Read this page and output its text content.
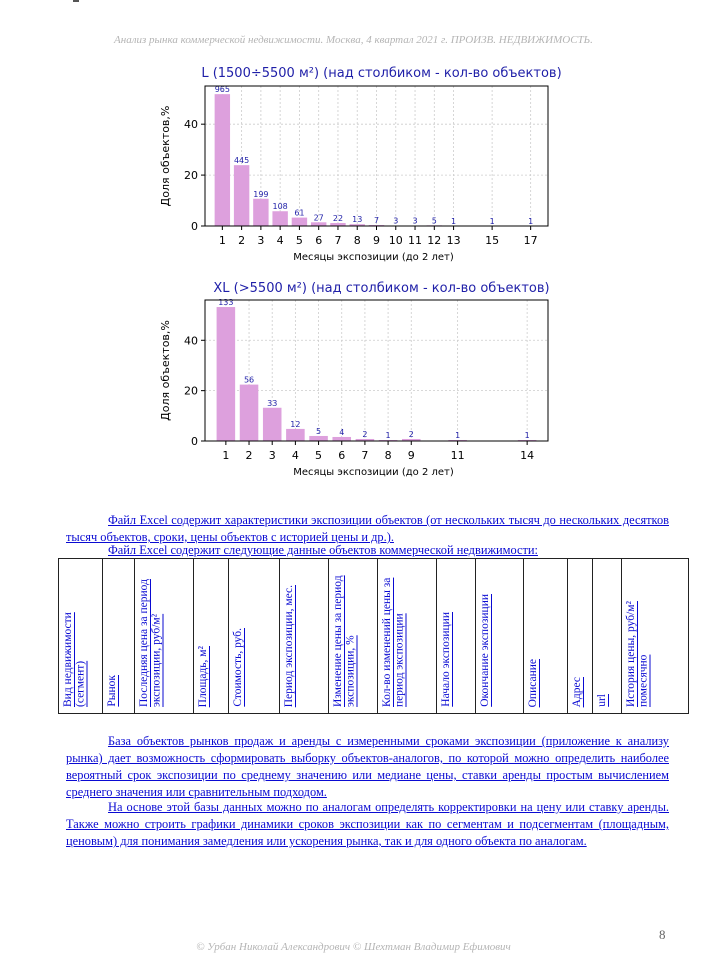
Анализ рынка коммерческой недвижимости. Москва, 4 квартал 2021 г. ПРОИЗВ. НЕДВИЖИМОСТЬ.
L (1500÷5500 м²) (над столбиком - кол-во объектов)
965
445
199
108
61
27 22 13 7 3 3 5 1	1	1
0
20
40
1 2 3 4 5 6 7 8 9 10 11 12 13 15 17
Месяцы экспозиции (до 2 лет)
Доля объектов,%
XL (>5500 м²) (над столбиком - кол-во объектов)
133
56
33
12
5 4 2 1 2	1	1
0
20
40
1 2 3 4 5 6 7 8 9	11	14
Месяцы экспозиции (до 2 лет)
Доля объектов,%
Файл Excel содержит характеристики экспозиции объектов (от нескольких тысяч до нескольких десятков тысяч объектов, сроки, цены объектов с историей цены и др.).
Файл Excel содержит следующие данные объектов коммерческой недвижимости:
Вид недвижимости (сегмент)	Рынок	Последняя цена за период экспозиции, руб/м²	Площадь, м²	Стоимость, руб.	Период экспозиции, мес.	Изменение цены за период экспозиции, %	Кол-во изменений цены за период экспозиции	Начало экспозиции	Окончание экспозиции	Описание	Адрес	url	История цены, руб/м² помесячно
База объектов рынков продаж и аренды с измеренными сроками экспозиции (приложение к анализу рынка) дает возможность сформировать выборку объектов-аналогов, по которой можно определить наиболее вероятный срок экспозиции по среднему значению или медиане цены, ставки аренды простым вычислением среднего значения или сравнительным подходом.
На основе этой базы данных можно по аналогам определять корректировки на цену или ставку аренды. Также можно строить графики динамики сроков экспозиции как по сегментам и подсегментам (площадным, ценовым) для понимания замедления или ускорения рынка, так и для одного объекта по аналогам.
8
© Урбан Николай Александрович © Шехтман Владимир Ефимович
